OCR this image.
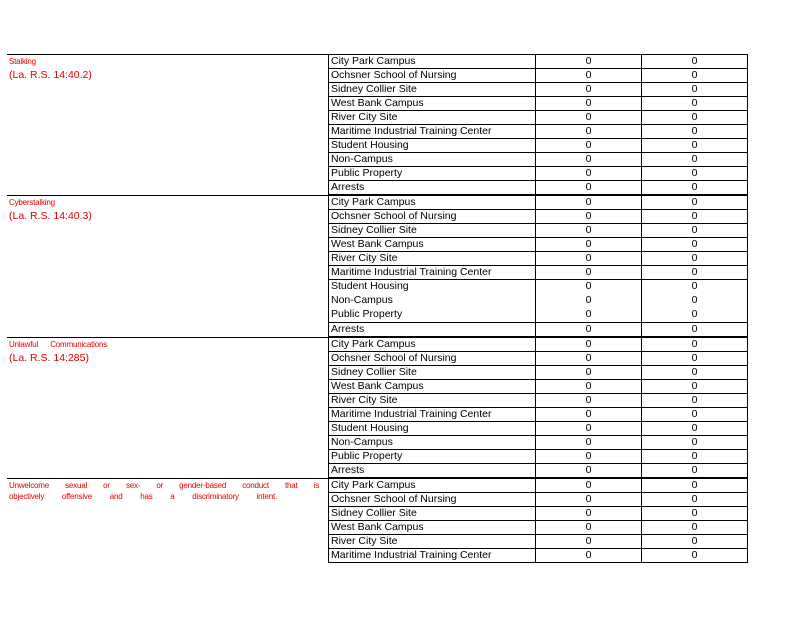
Stalking
(La. R.S. 14:40.2)
City Park Campus	0	0
Ochsner School of Nursing	0	0
Sidney Collier Site	0	0
West Bank Campus	0	0
River City Site	0	0
Maritime Industrial Training Center	0	0
Student Housing	0	0
Non-Campus	0	0
Public Property	0	0
Arrests	0	0
Cyberstalking
(La. R.S. 14:40.3)
City Park Campus	0	0
Ochsner School of Nursing	0	0
Sidney Collier Site	0	0
West Bank Campus	0	0
River City Site	0	0
Maritime Industrial Training Center	0	0
Student Housing	0	0
Non-Campus	0	0
Public Property	0	0
Arrests	0	0
Unlawful      Communications
(La. R.S. 14:285)
City Park Campus	0	0
Ochsner School of Nursing	0	0
Sidney Collier Site	0	0
West Bank Campus	0	0
River City Site	0	0
Maritime Industrial Training Center	0	0
Student Housing	0	0
Non-Campus	0	0
Public Property	0	0
Arrests	0	0
Unwelcome sexual or sex- or gender-based conduct that is
objectively offensive and has a discriminatory intent.
City Park Campus	0	0
Ochsner School of Nursing	0	0
Sidney Collier Site	0	0
West Bank Campus	0	0
River City Site	0	0
Maritime Industrial Training Center	0	0
